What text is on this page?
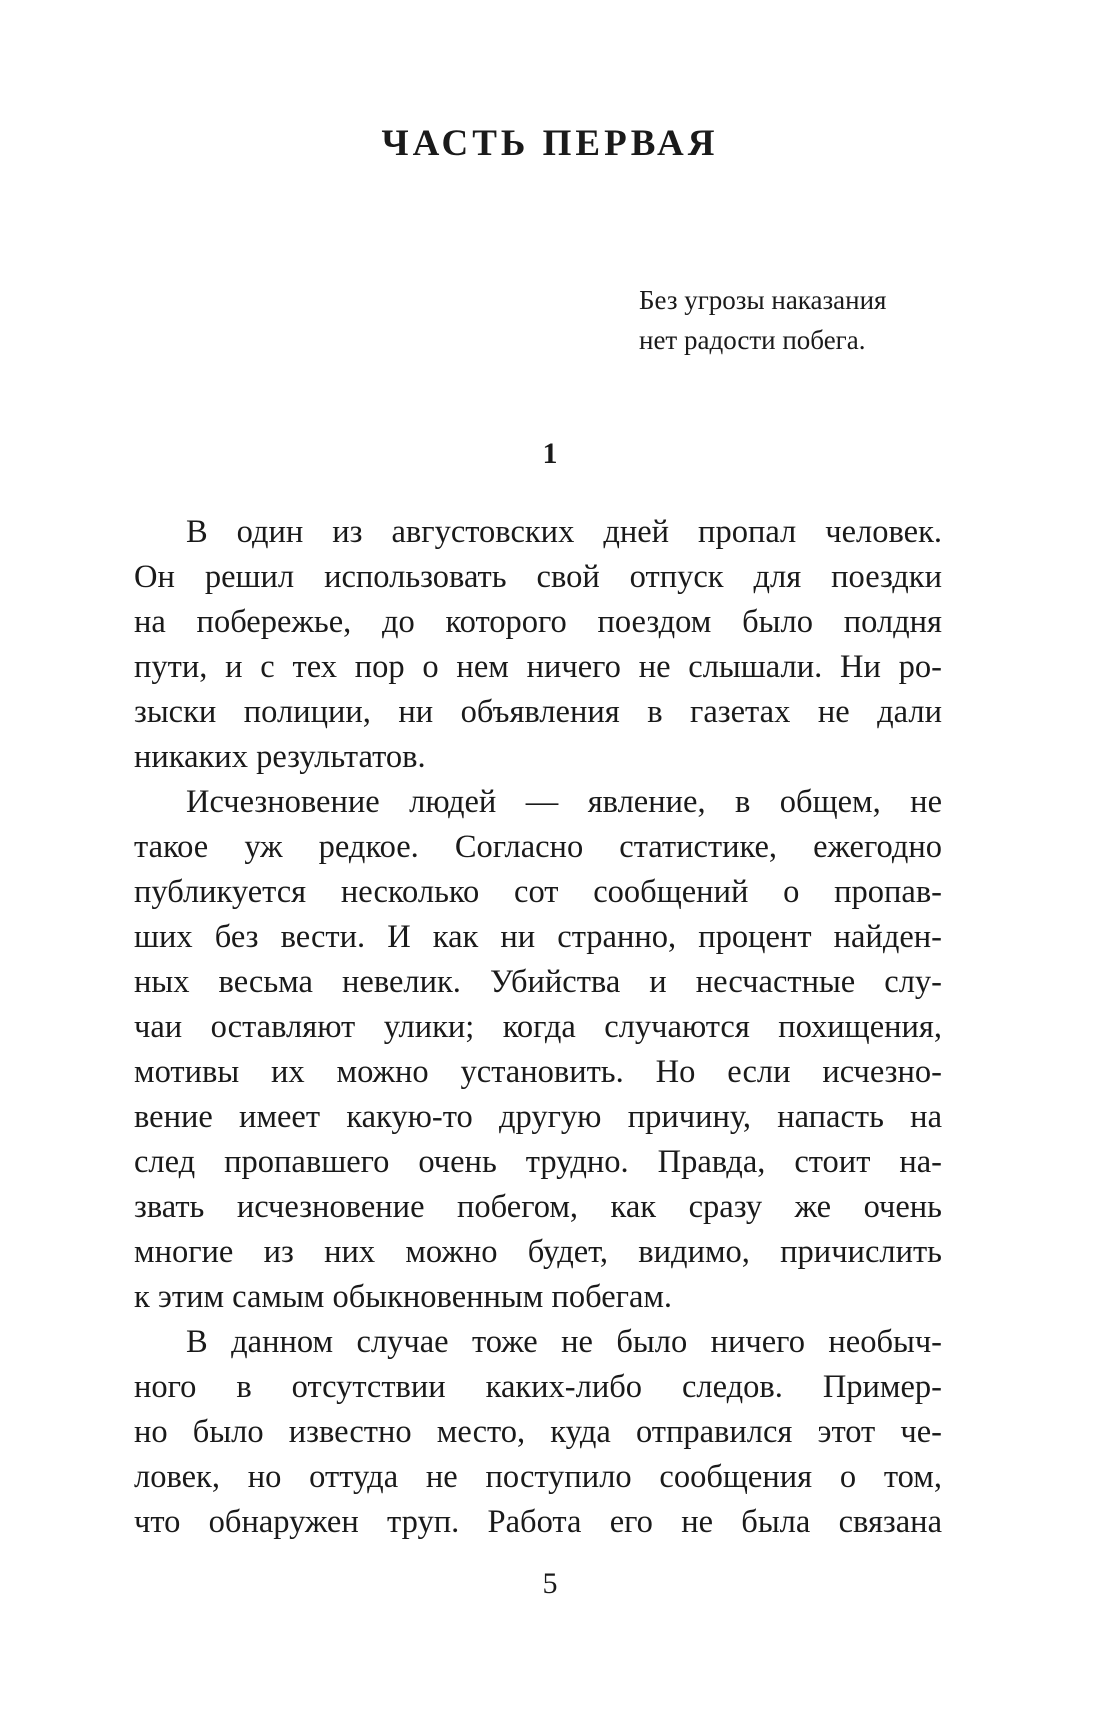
ЧАСТЬ ПЕРВАЯ
Без угрозы наказания
нет радости побега.
1

В один из августовских дней пропал человек.
Он решил использовать свой отпуск для поездки
на побережье, до которого поездом было полдня
пути, и с тех пор о нем ничего не слышали. Ни ро-
зыски полиции, ни объявления в газетах не дали
никаких результатов.

Исчезновение людей — явление, в общем, не
такое уж редкое. Согласно статистике, ежегодно
публикуется несколько сот сообщений о пропав-
ших без вести. И как ни странно, процент найден-
ных весьма невелик. Убийства и несчастные слу-
чаи оставляют улики; когда случаются похищения,
мотивы их можно установить. Но если исчезно-
вение имеет какую-то другую причину, напасть на
след пропавшего очень трудно. Правда, стоит на-
звать исчезновение побегом, как сразу же очень
многие из них можно будет, видимо, причислить
к этим самым обыкновенным побегам.

В данном случае тоже не было ничего необыч-
ного в отсутствии каких-либо следов. Пример-
но было известно место, куда отправился этот че-
ловек, но оттуда не поступило сообщения о том,
что обнаружен труп. Работа его не была связана

5
